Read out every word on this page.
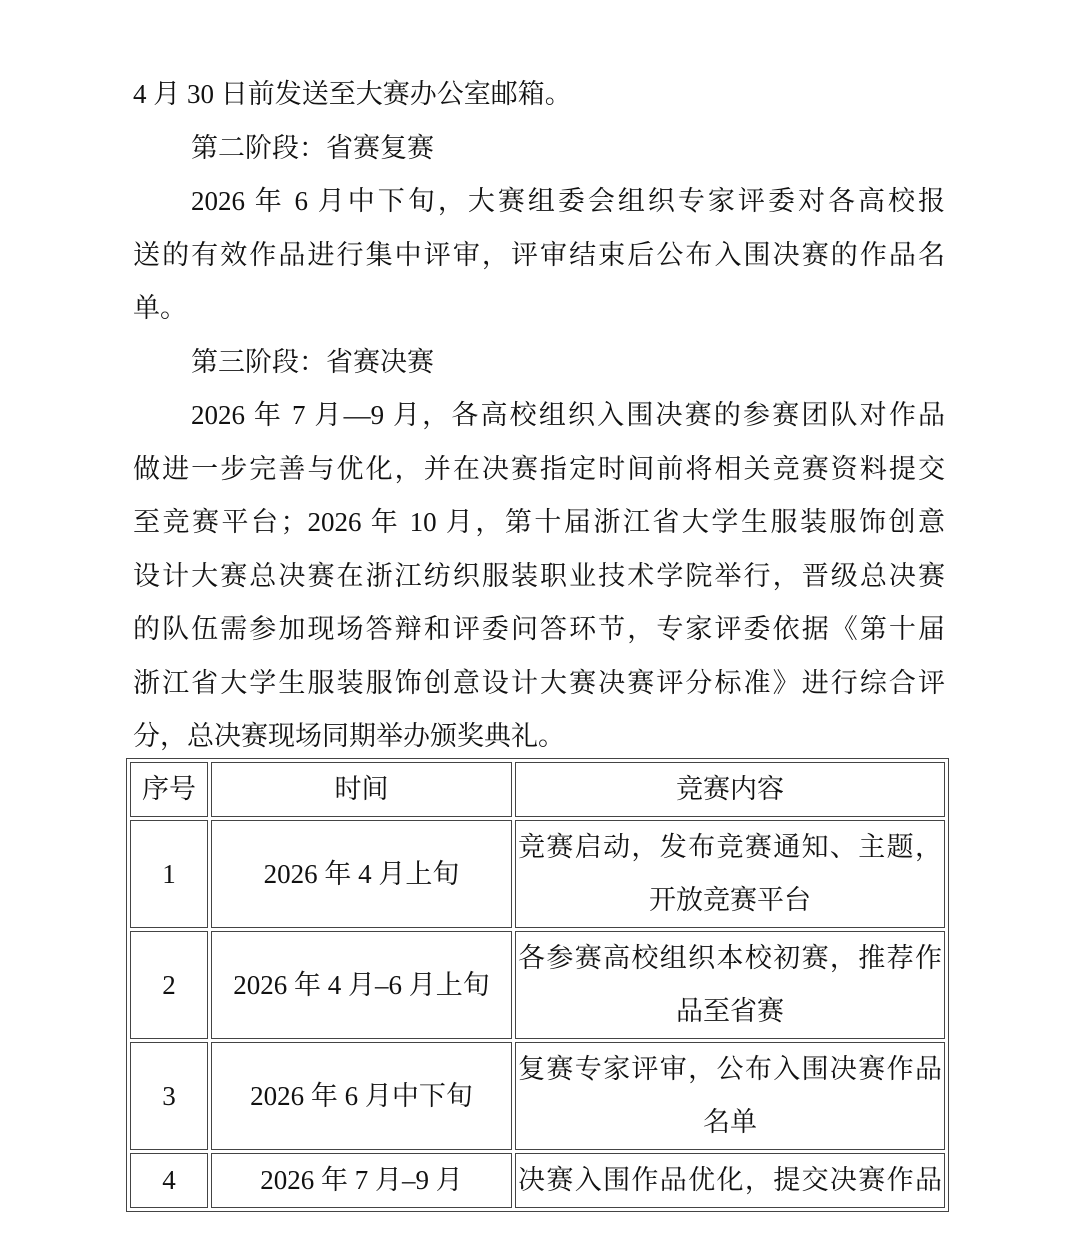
4 月 30 日前发送至大赛办公室邮箱。
第二阶段：省赛复赛
2026 年 6 月中下旬，大赛组委会组织专家评委对各高校报
送的有效作品进行集中评审，评审结束后公布入围决赛的作品名
单。
第三阶段：省赛决赛
2026 年 7 月—9 月，各高校组织入围决赛的参赛团队对作品
做进一步完善与优化，并在决赛指定时间前将相关竞赛资料提交
至竞赛平台；2026 年 10 月，第十届浙江省大学生服装服饰创意
设计大赛总决赛在浙江纺织服装职业技术学院举行，晋级总决赛
的队伍需参加现场答辩和评委问答环节，专家评委依据《第十届
浙江省大学生服装服饰创意设计大赛决赛评分标准》进行综合评
分，总决赛现场同期举办颁奖典礼。
序号	时间	竞赛内容
1	2026 年 4 月上旬	竞赛启动，发布竞赛通知、主题，
开放竞赛平台

2	2026 年 4 月–6 月上旬	各参赛高校组织本校初赛，推荐作
品至省赛

3	2026 年 6 月中下旬	复赛专家评审，公布入围决赛作品
名单

4	2026 年 7 月–9 月	决赛入围作品优化，提交决赛作品
